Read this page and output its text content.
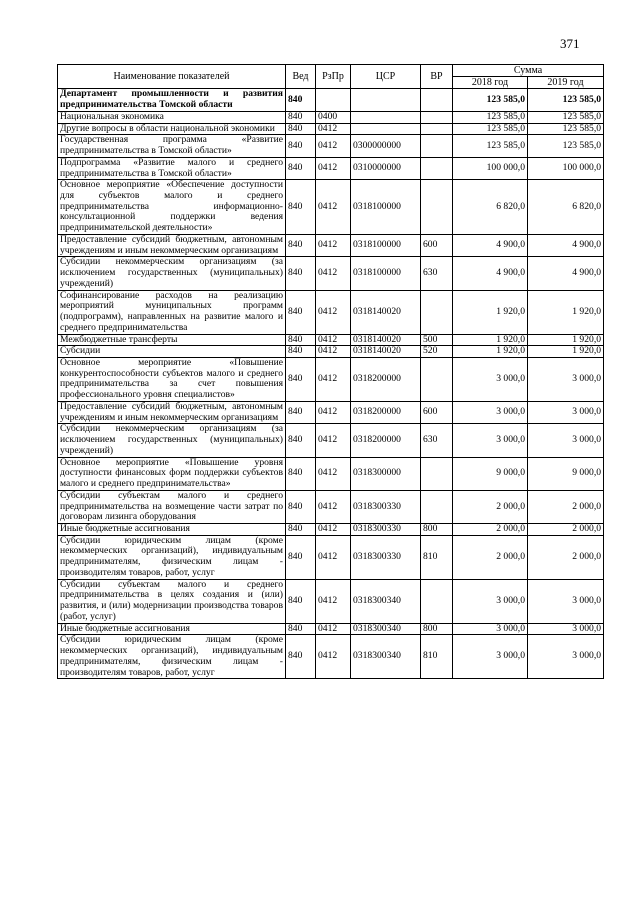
371
Наименование показателей	Вед	РзПр	ЦСР	ВР	Сумма	
					2018 год	2019 год
Департамент промышленности и развития предпринимательства Томской области	840				123 585,0	123 585,0
Национальная экономика	840	0400			123 585,0	123 585,0
Другие вопросы в области национальной экономики	840	0412			123 585,0	123 585,0
Государственная программа «Развитие предпринимательства в Томской области»	840	0412	0300000000		123 585,0	123 585,0
Подпрограмма «Развитие малого и среднего предпринимательства в Томской области»	840	0412	0310000000		100 000,0	100 000,0
Основное мероприятие «Обеспечение доступности для субъектов малого и среднего предпринимательства информационно-консультационной поддержки ведения предпринимательской деятельности»	840	0412	0318100000		6 820,0	6 820,0
Предоставление субсидий бюджетным, автономным учреждениям и иным некоммерческим организациям	840	0412	0318100000	600	4 900,0	4 900,0
Субсидии некоммерческим организациям (за исключением государственных (муниципальных) учреждений)	840	0412	0318100000	630	4 900,0	4 900,0
Софинансирование расходов на реализацию мероприятий муниципальных программ (подпрограмм), направленных на развитие малого и среднего предпринимательства	840	0412	0318140020		1 920,0	1 920,0
Межбюджетные трансферты	840	0412	0318140020	500	1 920,0	1 920,0
Субсидии	840	0412	0318140020	520	1 920,0	1 920,0
Основное мероприятие «Повышение конкурентоспособности субъектов малого и среднего предпринимательства за счет повышения профессионального уровня специалистов»	840	0412	0318200000		3 000,0	3 000,0
Предоставление субсидий бюджетным, автономным учреждениям и иным некоммерческим организациям	840	0412	0318200000	600	3 000,0	3 000,0
Субсидии некоммерческим организациям (за исключением государственных (муниципальных) учреждений)	840	0412	0318200000	630	3 000,0	3 000,0
Основное мероприятие «Повышение уровня доступности финансовых форм поддержки субъектов малого и среднего предпринимательства»	840	0412	0318300000		9 000,0	9 000,0
Субсидии субъектам малого и среднего предпринимательства на возмещение части затрат по договорам лизинга оборудования	840	0412	0318300330		2 000,0	2 000,0
Иные бюджетные ассигнования	840	0412	0318300330	800	2 000,0	2 000,0
Субсидии юридическим лицам (кроме некоммерческих организаций), индивидуальным предпринимателям, физическим лицам - производителям товаров, работ, услуг	840	0412	0318300330	810	2 000,0	2 000,0
Субсидии субъектам малого и среднего предпринимательства в целях создания и (или) развития, и (или) модернизации производства товаров (работ, услуг)	840	0412	0318300340		3 000,0	3 000,0
Иные бюджетные ассигнования	840	0412	0318300340	800	3 000,0	3 000,0
Субсидии юридическим лицам (кроме некоммерческих организаций), индивидуальным предпринимателям, физическим лицам - производителям товаров, работ, услуг	840	0412	0318300340	810	3 000,0	3 000,0
